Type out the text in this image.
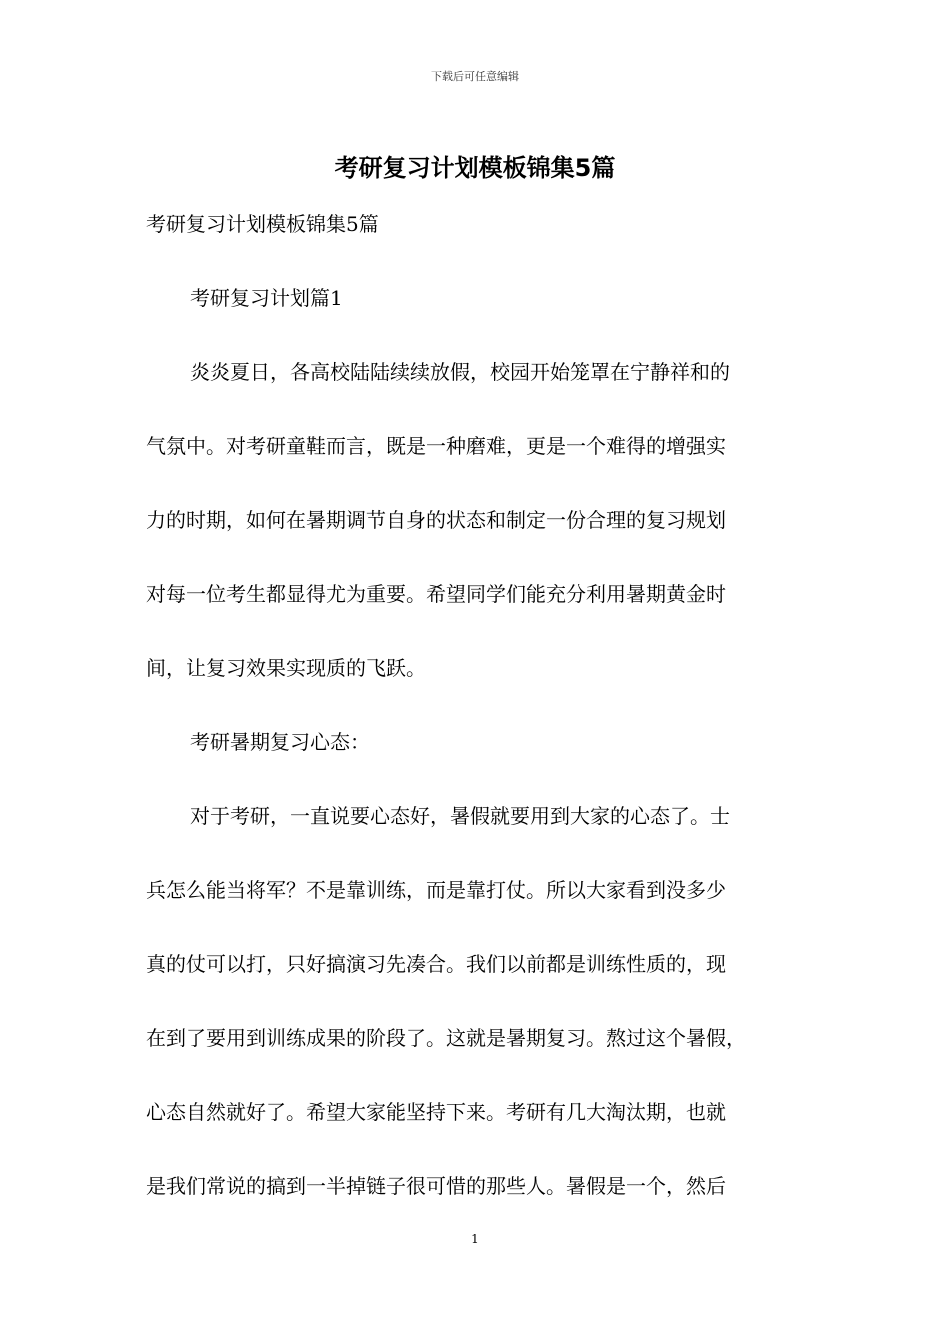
下载后可任意编辑
考研复习计划模板锦集5篇
考研复习计划模板锦集5篇
考研复习计划篇1
炎炎夏日，各高校陆陆续续放假，校园开始笼罩在宁静祥和的
气氛中。对考研童鞋而言，既是一种磨难，更是一个难得的增强实
力的时期，如何在暑期调节自身的状态和制定一份合理的复习规划
对每一位考生都显得尤为重要。希望同学们能充分利用暑期黄金时
间，让复习效果实现质的飞跃。
考研暑期复习心态：
对于考研，一直说要心态好，暑假就要用到大家的心态了。士
兵怎么能当将军？不是靠训练，而是靠打仗。所以大家看到没多少
真的仗可以打，只好搞演习先凑合。我们以前都是训练性质的，现
在到了要用到训练成果的阶段了。这就是暑期复习。熬过这个暑假，
心态自然就好了。希望大家能坚持下来。考研有几大淘汰期，也就
是我们常说的搞到一半掉链子很可惜的那些人。暑假是一个，然后
1
